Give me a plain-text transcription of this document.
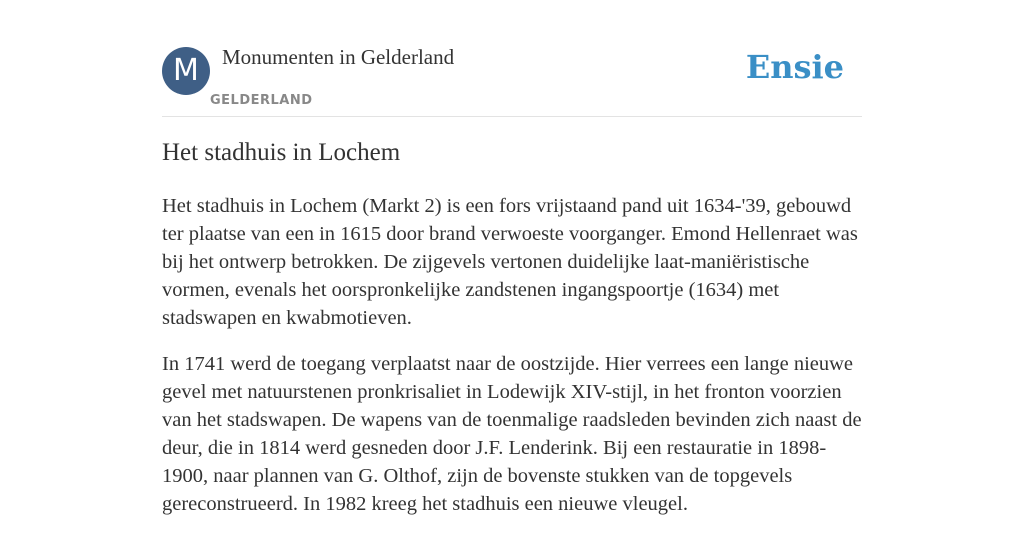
M	Monumenten in Gelderland
GELDERLAND
Ensie
Het stadhuis in Lochem

Het stadhuis in Lochem (Markt 2) is een fors vrijstaand pand uit 1634-'39, gebouwd ter plaatse van een in 1615 door brand verwoeste voorganger. Emond Hellenraet was bij het ontwerp betrokken. De zijgevels vertonen duidelijke laat-maniëristische vormen, evenals het oorspronkelijke zandstenen ingangspoortje (1634) met stadswapen en kwabmotieven.

In 1741 werd de toegang verplaatst naar de oostzijde. Hier verrees een lange nieuwe gevel met natuurstenen pronkrisaliet in Lodewijk XIV-stijl, in het fronton voorzien van het stadswapen. De wapens van de toenmalige raadsleden bevinden zich naast de deur, die in 1814 werd gesneden door J.F. Lenderink. Bij een restauratie in 1898-1900, naar plannen van G. Olthof, zijn de bovenste stukken van de topgevels gereconstrueerd. In 1982 kreeg het stadhuis een nieuwe vleugel.
